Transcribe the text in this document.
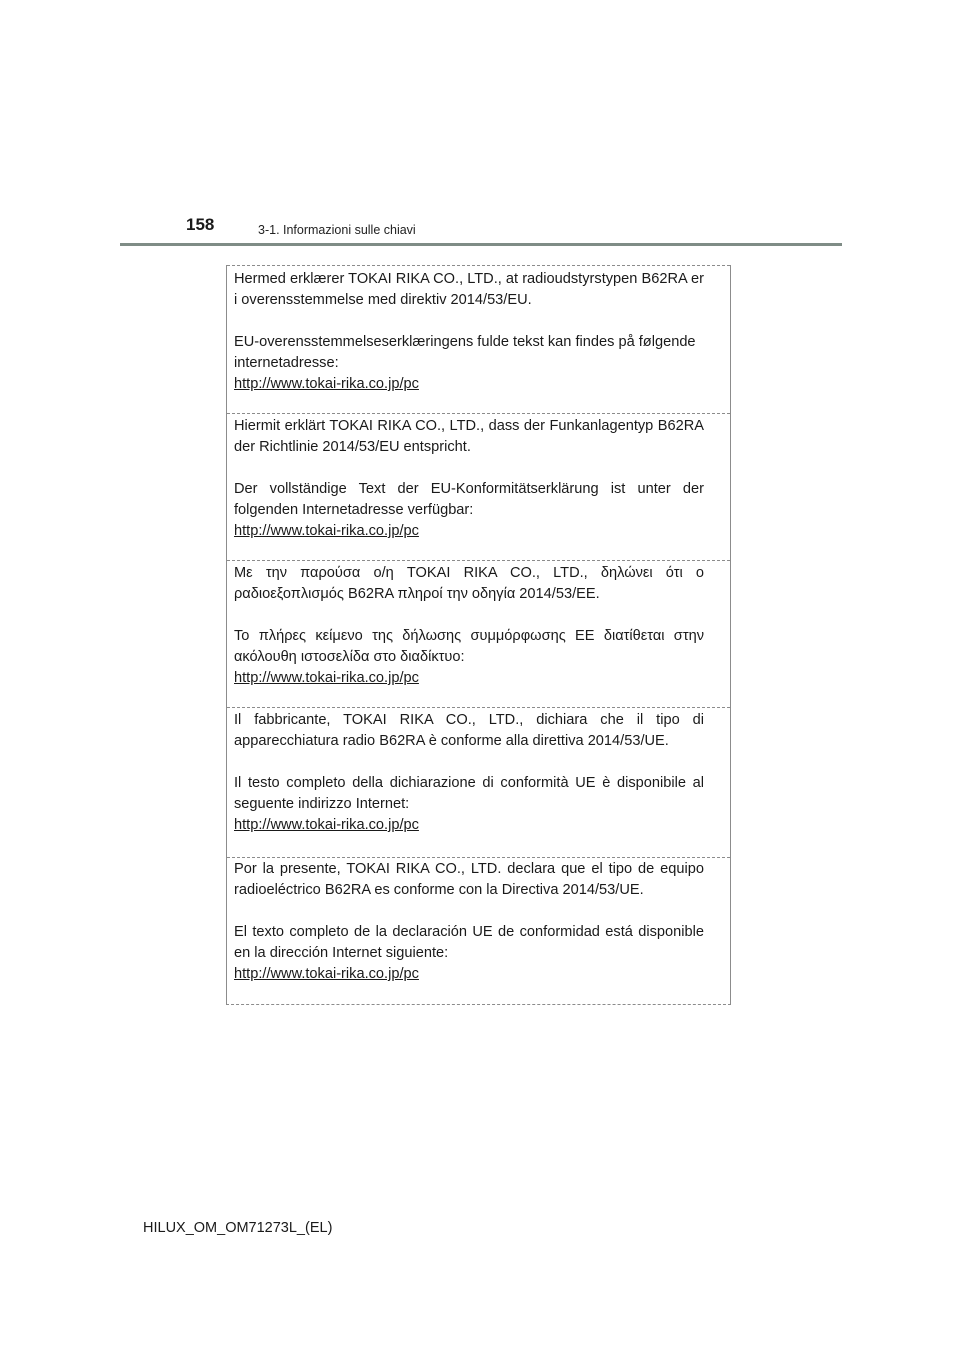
158	3-1. Informazioni sulle chiavi

Hermed erklærer TOKAI RIKA CO., LTD., at radioudstyrstypen B62RA er i overensstemmelse med direktiv 2014/53/EU.

EU-overensstemmelseserklæringens fulde tekst kan findes på følgende internetadresse:

http://www.tokai-rika.co.jp/pc

Hiermit erklärt TOKAI RIKA CO., LTD., dass der Funkanlagentyp B62RA der Richtlinie 2014/53/EU entspricht.

Der vollständige Text der EU-Konformitätserklärung ist unter der folgenden Internetadresse verfügbar:

http://www.tokai-rika.co.jp/pc

Με την παρούσα ο/η TOKAI RIKA CO., LTD., δηλώνει ότι ο ραδιοεξοπλισμός B62RA πληροί την οδηγία 2014/53/ΕΕ.

Το πλήρες κείμενο της δήλωσης συμμόρφωσης ΕΕ διατίθεται στην ακόλουθη ιστοσελίδα στο διαδίκτυο:

http://www.tokai-rika.co.jp/pc

Il fabbricante, TOKAI RIKA CO., LTD., dichiara che il tipo di apparecchiatura radio B62RA è conforme alla direttiva 2014/53/UE.

Il testo completo della dichiarazione di conformità UE è disponibile al seguente indirizzo Internet:

http://www.tokai-rika.co.jp/pc

Por la presente, TOKAI RIKA CO., LTD. declara que el tipo de equipo radioeléctrico B62RA es conforme con la Directiva 2014/53/UE.

El texto completo de la declaración UE de conformidad está disponible en la dirección Internet siguiente:

http://www.tokai-rika.co.jp/pc

HILUX_OM_OM71273L_(EL)
